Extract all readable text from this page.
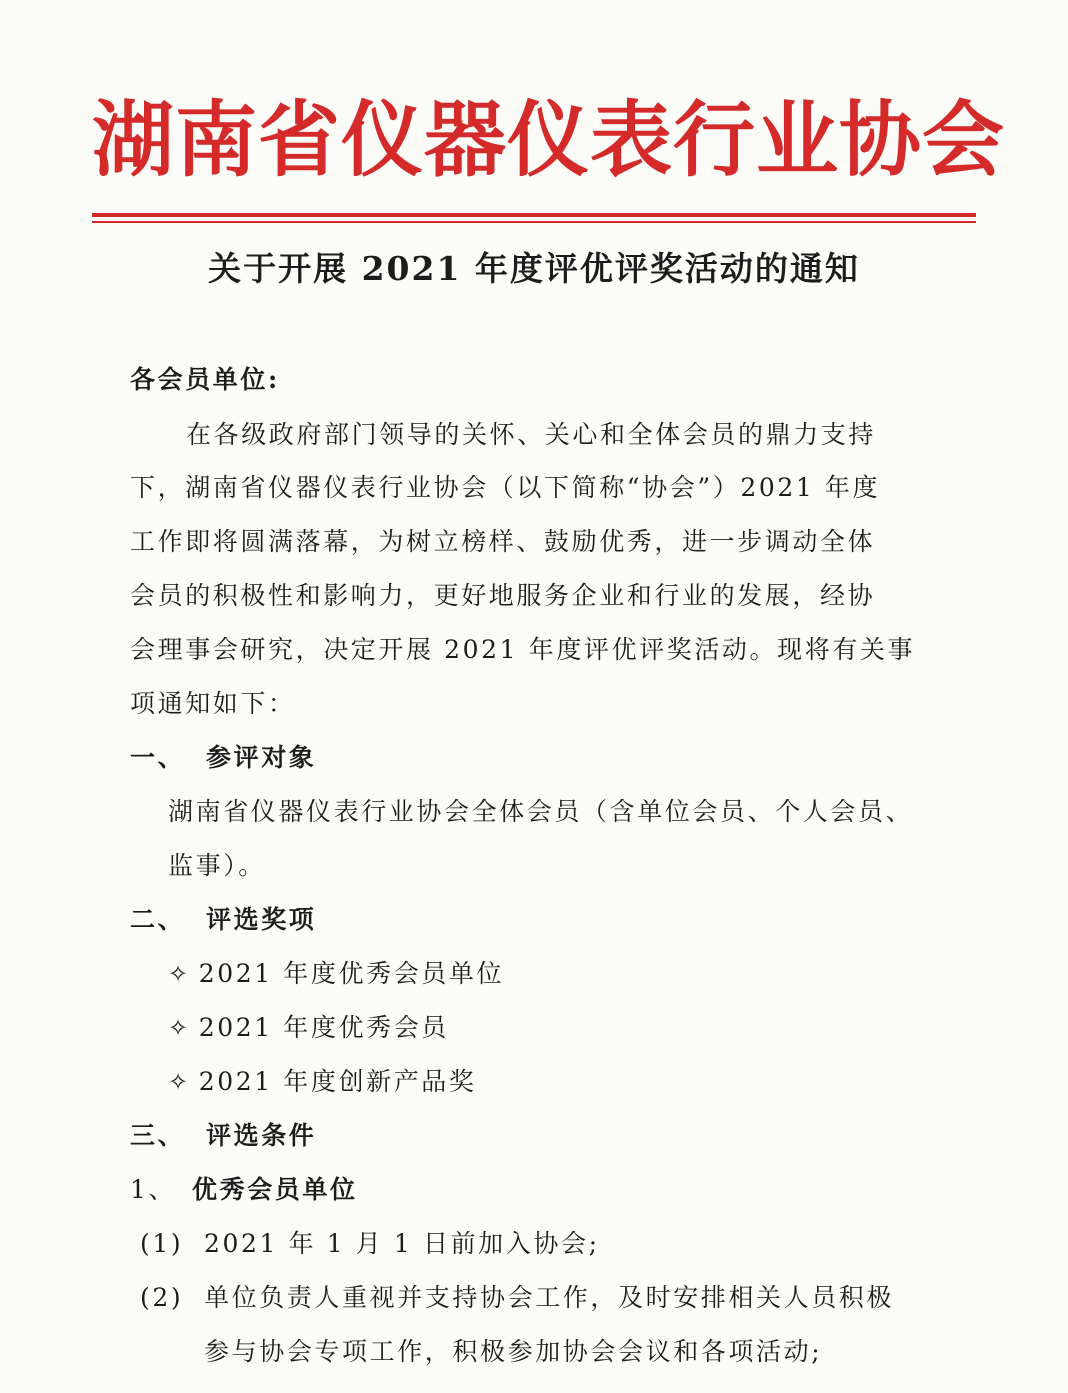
湖南省仪器仪表行业协会
关于开展 2021 年度评优评奖活动的通知
各会员单位:
在各级政府部门领导的关怀、关心和全体会员的鼎力支持
下，湖南省仪器仪表行业协会（以下简称“协会”）2021 年度
工作即将圆满落幕，为树立榜样、鼓励优秀，进一步调动全体
会员的积极性和影响力，更好地服务企业和行业的发展，经协
会理事会研究，决定开展 2021 年度评优评奖活动。现将有关事
项通知如下：
一、 参评对象
湖南省仪器仪表行业协会全体会员（含单位会员、个人会员、
监事）。
二、 评选奖项
✧ 2021 年度优秀会员单位
✧ 2021 年度优秀会员
✧ 2021 年度创新产品奖
三、 评选条件
1、 优秀会员单位
(1) 2021 年 1 月 1 日前加入协会;
(2) 单位负责人重视并支持协会工作，及时安排相关人员积极
参与协会专项工作，积极参加协会会议和各项活动;
